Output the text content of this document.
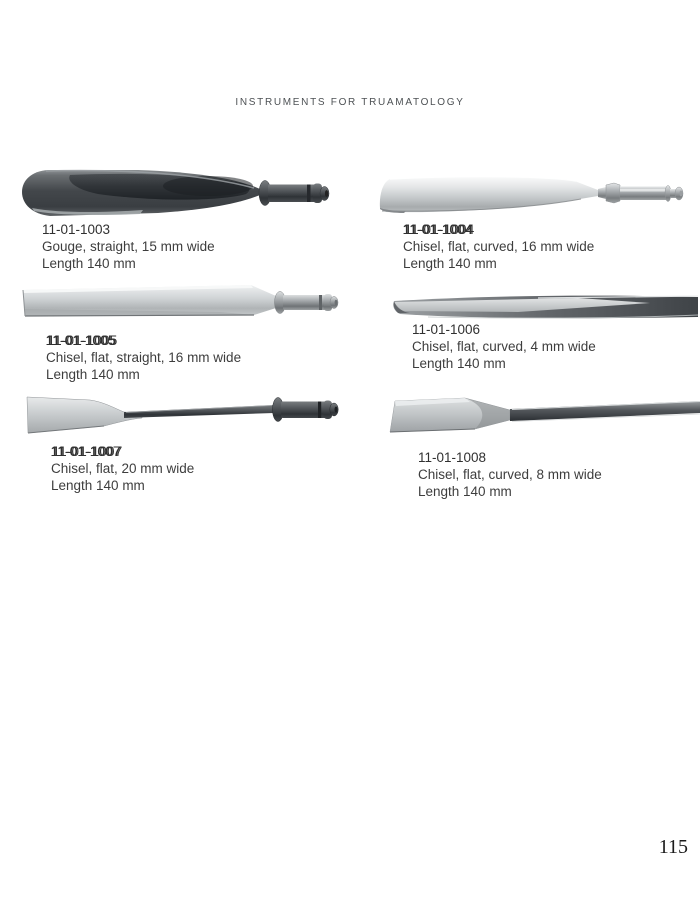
INSTRUMENTS FOR TRUAMATOLOGY
11-01-1003
Gouge, straight, 15 mm wide
Length 140 mm
11-01-1004
Chisel, flat, curved, 16 mm wide
Length 140 mm
11-01-1005
Chisel, flat, straight, 16 mm wide
Length 140 mm
11-01-1006
Chisel, flat, curved, 4 mm wide
Length 140 mm
11-01-1007
Chisel, flat, 20 mm wide
Length 140 mm
11-01-1008
Chisel, flat, curved, 8 mm wide
Length 140 mm
115
